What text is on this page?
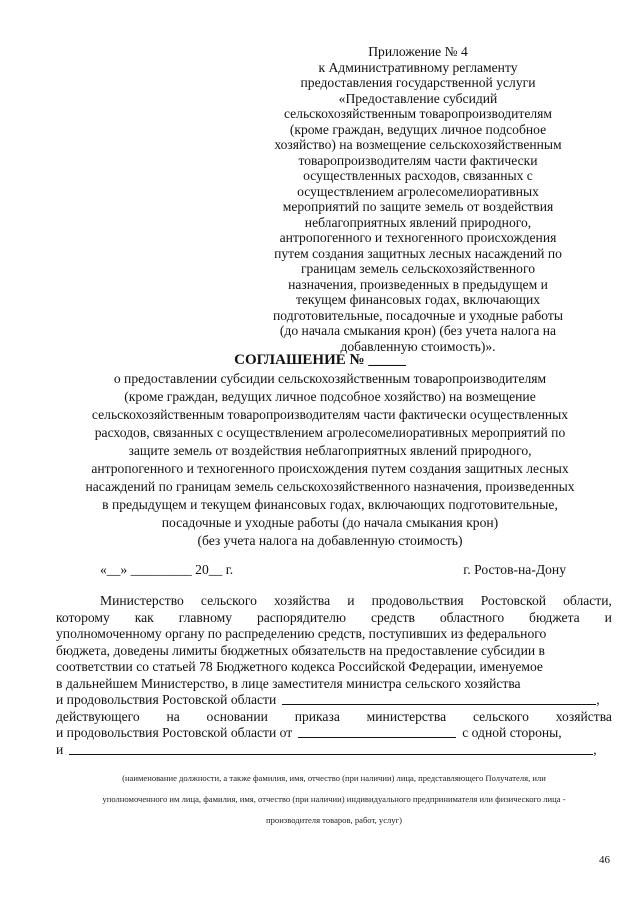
Приложение № 4
к Административному регламенту
предоставления государственной услуги
«Предоставление субсидий
сельскохозяйственным товаропроизводителям
(кроме граждан, ведущих личное подсобное
хозяйство) на возмещение сельскохозяйственным
товаропроизводителям части фактически
осуществленных расходов, связанных с
осуществлением агролесомелиоративных
мероприятий по защите земель от воздействия
неблагоприятных явлений природного,
антропогенного и техногенного происхождения
путем создания защитных лесных насаждений по
границам земель сельскохозяйственного
назначения, произведенных в предыдущем и
текущем финансовых годах, включающих
подготовительные, посадочные и уходные работы
(до начала смыкания крон) (без учета налога на
добавленную стоимость)».
СОГЛАШЕНИЕ № _____
о предоставлении субсидии сельскохозяйственным товаропроизводителям
(кроме граждан, ведущих личное подсобное хозяйство) на возмещение
сельскохозяйственным товаропроизводителям части фактически осуществленных
расходов, связанных с осуществлением агролесомелиоративных мероприятий по
защите земель от воздействия неблагоприятных явлений природного,
антропогенного и техногенного происхождения путем создания защитных лесных
насаждений по границам земель сельскохозяйственного назначения, произведенных
в предыдущем и текущем финансовых годах, включающих подготовительные,
посадочные и уходные работы (до начала смыкания крон)
(без учета налога на добавленную стоимость)
«__» _________ 20__ г.	г. Ростов-на-Дону
Министерство сельского хозяйства и продовольствия Ростовской области,
которому как главному распорядителю средств областного бюджета и
уполномоченному органу по распределению средств, поступивших из федерального
бюджета, доведены лимиты бюджетных обязательств на предоставление субсидии в
соответствии со статьей 78 Бюджетного кодекса Российской Федерации, именуемое
в дальнейшем Министерство, в лице заместителя министра сельского хозяйства
и продовольствия Ростовской области	,
действующего на основании приказа министерства сельского хозяйства
и продовольствия Ростовской области от	с одной стороны,
и	,
(наименование должности, а также фамилия, имя, отчество (при наличии) лица, представляющего Получателя, или
уполномоченного им лица, фамилия, имя, отчество (при наличии) индивидуального предпринимателя или физического лица -
производителя товаров, работ, услуг)
46
